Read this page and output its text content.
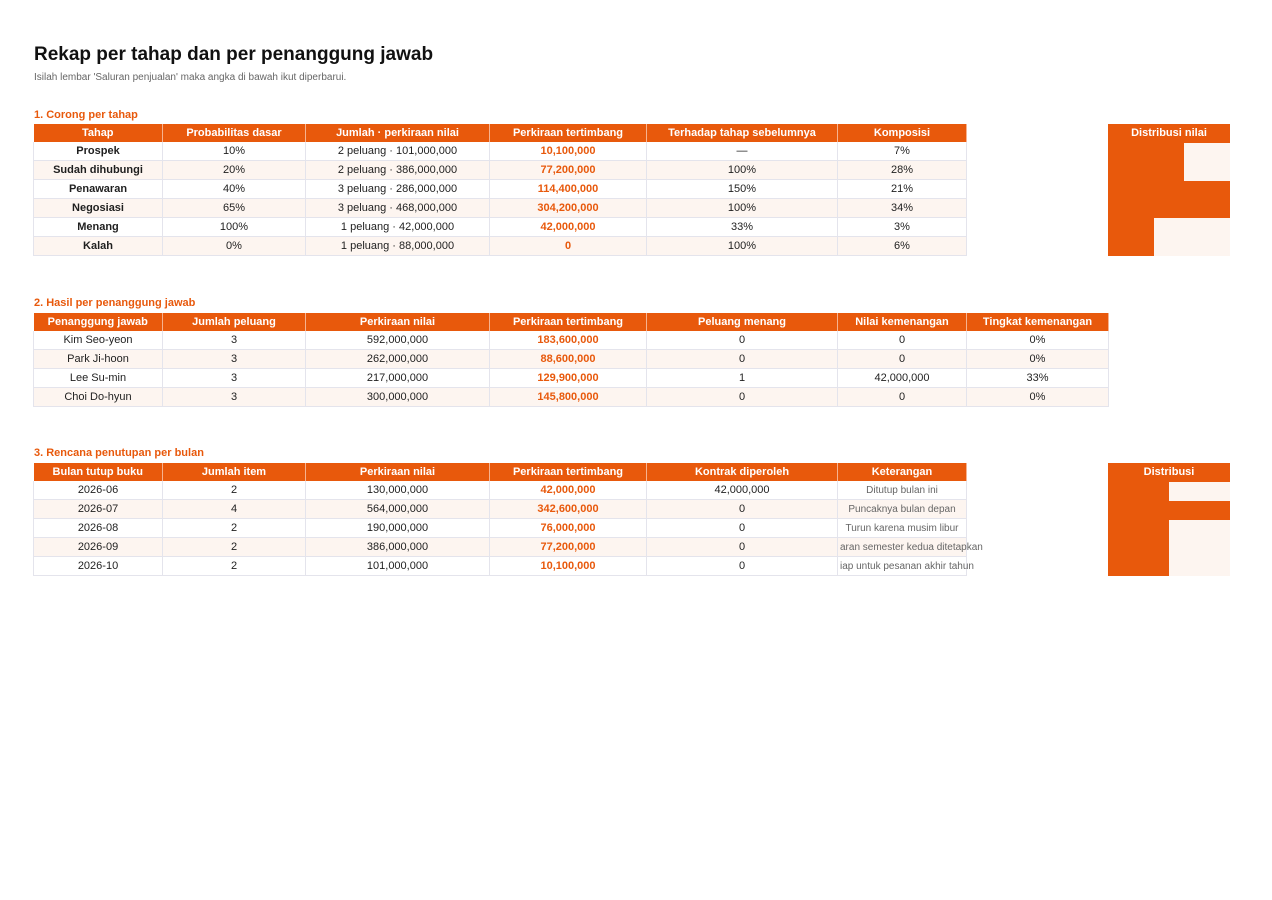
Rekap per tahap dan per penanggung jawab
Isilah lembar 'Saluran penjualan' maka angka di bawah ikut diperbarui.
1. Corong per tahap
Tahap	Probabilitas dasar	Jumlah · perkiraan nilai	Perkiraan tertimbang	Terhadap tahap sebelumnya	Komposisi
Prospek	10%	2 peluang · 101,000,000	10,100,000	—	7%
Sudah dihubungi	20%	2 peluang · 386,000,000	77,200,000	100%	28%
Penawaran	40%	3 peluang · 286,000,000	114,400,000	150%	21%
Negosiasi	65%	3 peluang · 468,000,000	304,200,000	100%	34%
Menang	100%	1 peluang · 42,000,000	42,000,000	33%	3%
Kalah	0%	1 peluang · 88,000,000	0	100%	6%
Distribusi nilai
2. Hasil per penanggung jawab
Penanggung jawab	Jumlah peluang	Perkiraan nilai	Perkiraan tertimbang	Peluang menang	Nilai kemenangan	Tingkat kemenangan
Kim Seo-yeon	3	592,000,000	183,600,000	0	0	0%
Park Ji-hoon	3	262,000,000	88,600,000	0	0	0%
Lee Su-min	3	217,000,000	129,900,000	1	42,000,000	33%
Choi Do-hyun	3	300,000,000	145,800,000	0	0	0%
3. Rencana penutupan per bulan
Bulan tutup buku	Jumlah item	Perkiraan nilai	Perkiraan tertimbang	Kontrak diperoleh	Keterangan
2026-06	2	130,000,000	42,000,000	42,000,000	Ditutup bulan ini
2026-07	4	564,000,000	342,600,000	0	Puncaknya bulan depan
2026-08	2	190,000,000	76,000,000	0	Turun karena musim libur
2026-09	2	386,000,000	77,200,000	0	aran semester kedua ditetapkan
2026-10	2	101,000,000	10,100,000	0	iap untuk pesanan akhir tahun
Distribusi
